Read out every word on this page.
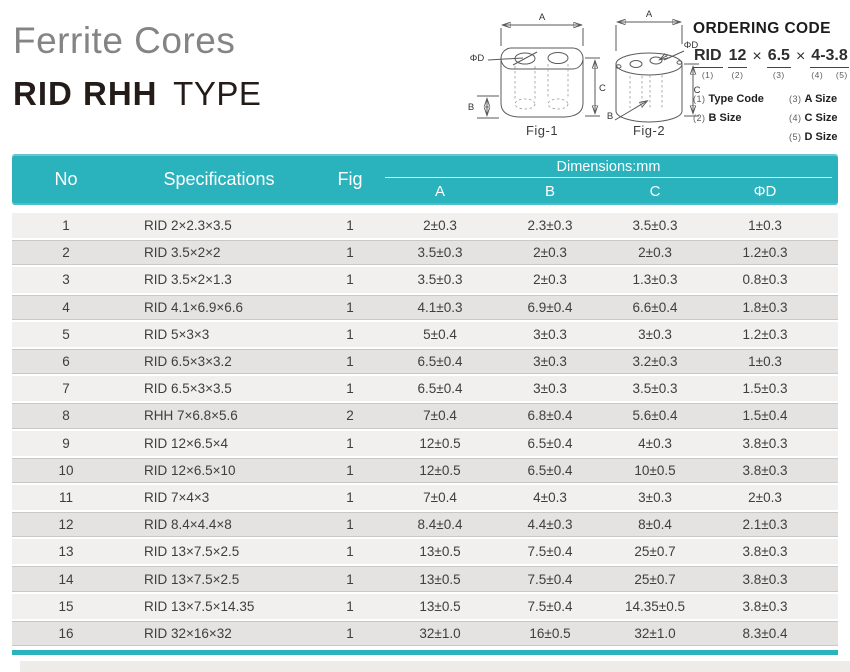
Ferrite Cores
RID RHH TYPE
A
ΦD
C
B
Fig-1
A
ΦD
C
B
Fig-2
ORDERING CODE
RID
(1)
12
(2)
× 6.5
(3)
× 4-3.8
(4) (5)
(1) Type Code
(2) B Size
(3) A Size
(4) C Size
(5) D Size
No	Specifications	Fig
Dimensions:mm
A	B	C	ΦD
1	RID 2×2.3×3.5	1	2±0.3	2.3±0.3	3.5±0.3	1±0.3
2	RID 3.5×2×2	1	3.5±0.3	2±0.3	2±0.3	1.2±0.3
3	RID 3.5×2×1.3	1	3.5±0.3	2±0.3	1.3±0.3	0.8±0.3
4	RID 4.1×6.9×6.6	1	4.1±0.3	6.9±0.4	6.6±0.4	1.8±0.3
5	RID 5×3×3	1	5±0.4	3±0.3	3±0.3	1.2±0.3
6	RID 6.5×3×3.2	1	6.5±0.4	3±0.3	3.2±0.3	1±0.3
7	RID 6.5×3×3.5	1	6.5±0.4	3±0.3	3.5±0.3	1.5±0.3
8	RHH 7×6.8×5.6	2	7±0.4	6.8±0.4	5.6±0.4	1.5±0.4
9	RID 12×6.5×4	1	12±0.5	6.5±0.4	4±0.3	3.8±0.3
10	RID 12×6.5×10	1	12±0.5	6.5±0.4	10±0.5	3.8±0.3
11	RID 7×4×3	1	7±0.4	4±0.3	3±0.3	2±0.3
12	RID 8.4×4.4×8	1	8.4±0.4	4.4±0.3	8±0.4	2.1±0.3
13	RID 13×7.5×2.5	1	13±0.5	7.5±0.4	25±0.7	3.8±0.3
14	RID 13×7.5×2.5	1	13±0.5	7.5±0.4	25±0.7	3.8±0.3
15	RID 13×7.5×14.35	1	13±0.5	7.5±0.4	14.35±0.5	3.8±0.3
16	RID 32×16×32	1	32±1.0	16±0.5	32±1.0	8.3±0.4
